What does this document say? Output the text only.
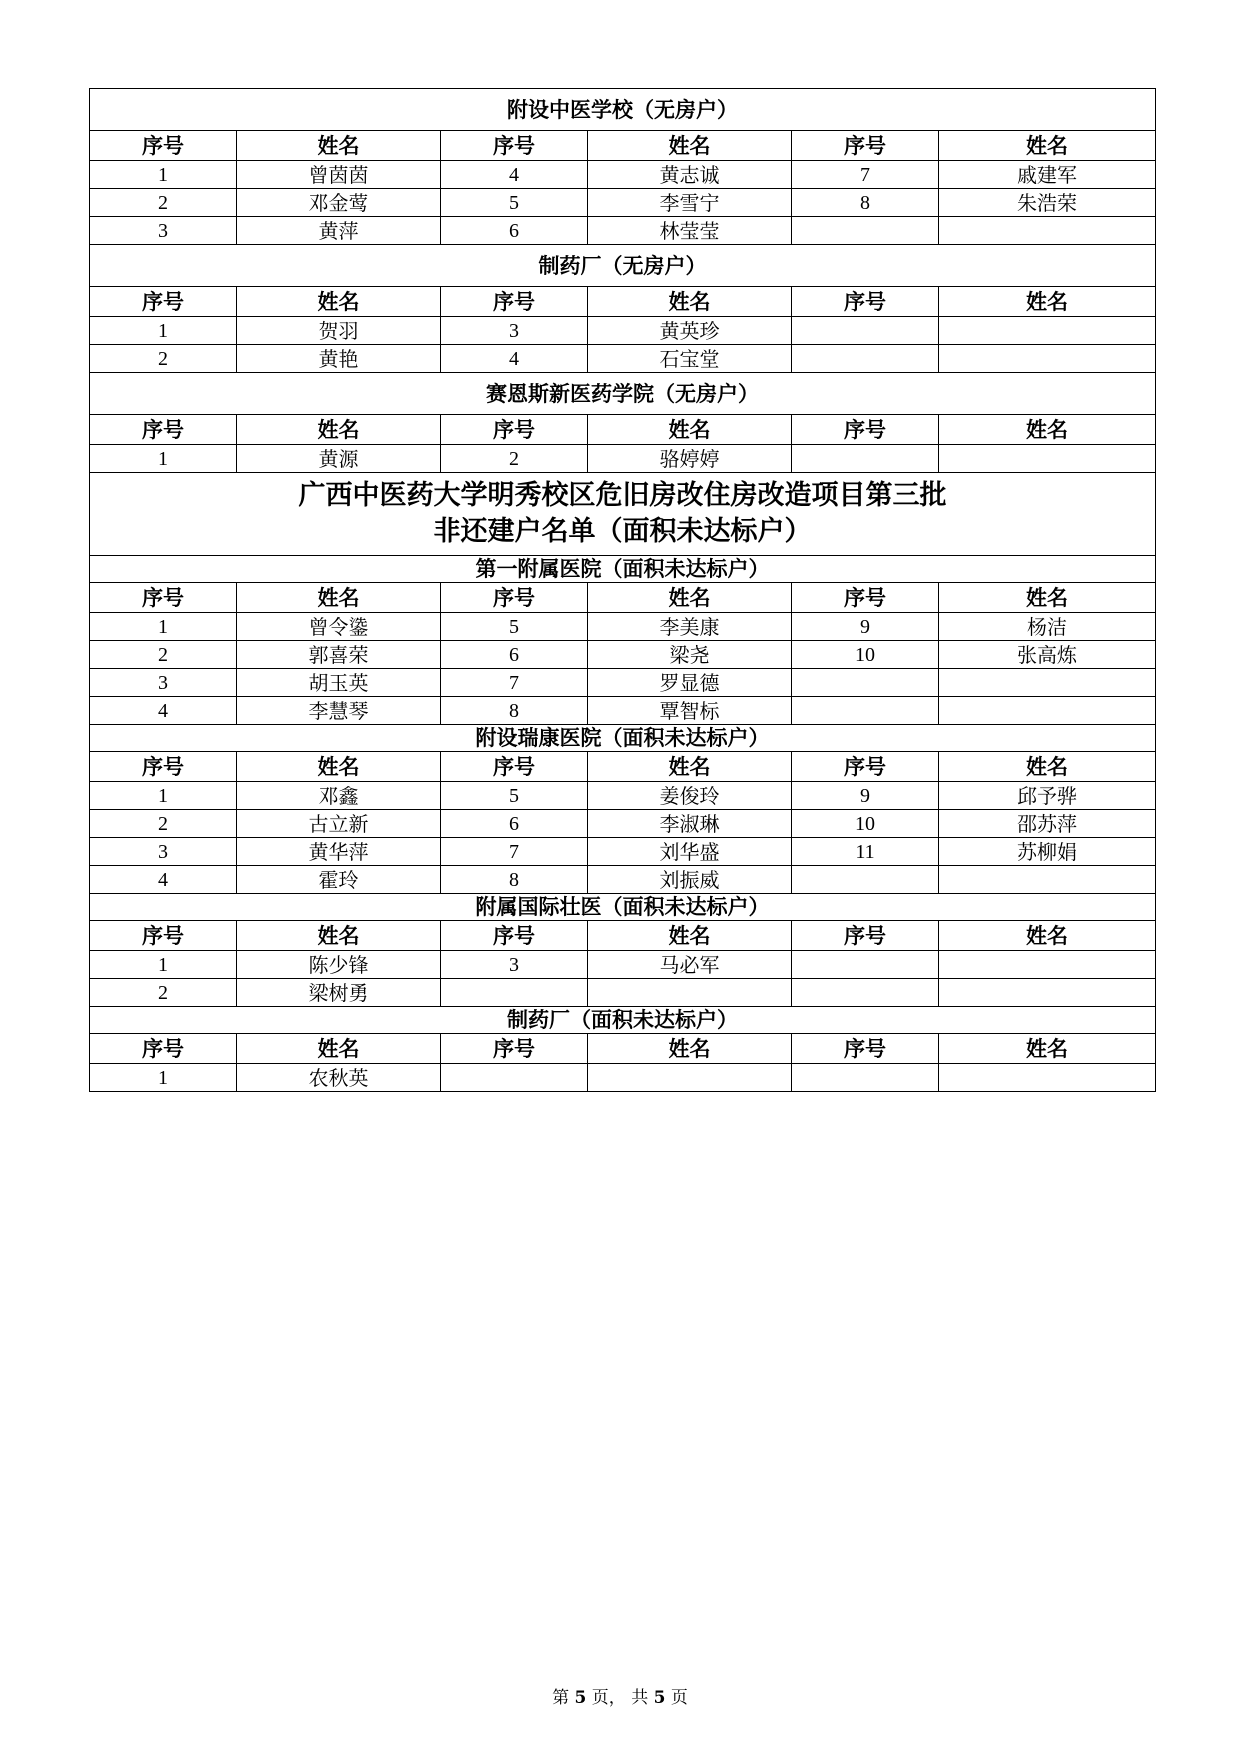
附设中医学校（无房户）					
序号	姓名	序号	姓名	序号	姓名
1	曾茵茵	4	黄志诚	7	戚建军
2	邓金莺	5	李雪宁	8	朱浩荣
3	黄萍	6	林莹莹		
制药厂（无房户）					
序号	姓名	序号	姓名	序号	姓名
1	贺羽	3	黄英珍		
2	黄艳	4	石宝堂		
赛恩斯新医药学院（无房户）					
序号	姓名	序号	姓名	序号	姓名
1	黄源	2	骆婷婷		

广西中医药大学明秀校区危旧房改住房改造项目第三批
非还建户名单（面积未达标户）					

第一附属医院（面积未达标户）					
序号	姓名	序号	姓名	序号	姓名
1	曾令鍌	5	李美康	9	杨洁
2	郭喜荣	6	梁尧	10	张高炼
3	胡玉英	7	罗显德		
4	李慧琴	8	覃智标		
附设瑞康医院（面积未达标户）					
序号	姓名	序号	姓名	序号	姓名
1	邓鑫	5	姜俊玲	9	邱予骅
2	古立新	6	李淑琳	10	邵苏萍
3	黄华萍	7	刘华盛	11	苏柳娟
4	霍玲	8	刘振威		
附属国际壮医（面积未达标户）					
序号	姓名	序号	姓名	序号	姓名
1	陈少锋	3	马必军		
2	梁树勇				
制药厂（面积未达标户）					
序号	姓名	序号	姓名	序号	姓名
1	农秋英				
第 5 页， 共 5 页
